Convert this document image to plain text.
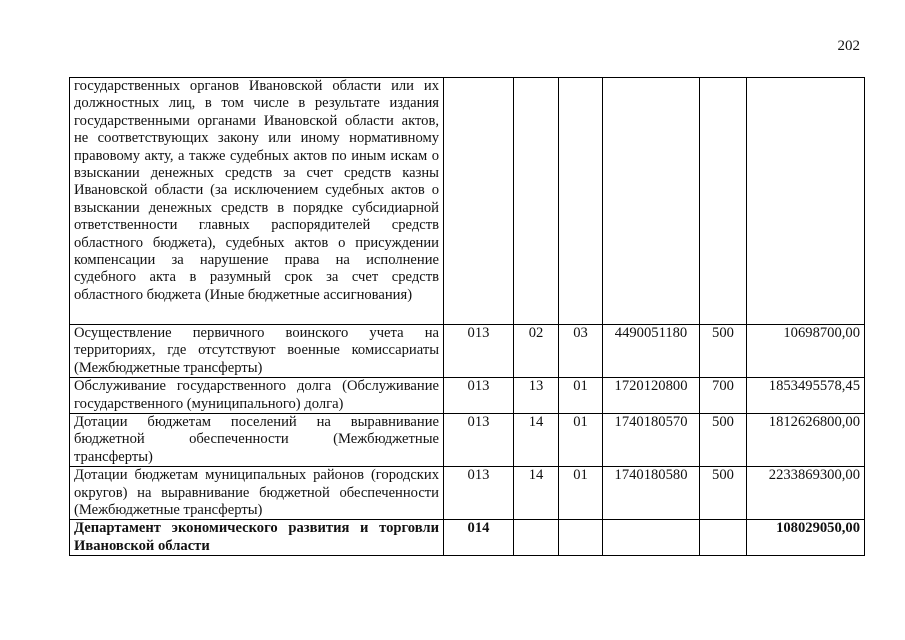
202
государственных органов Ивановской области или их должностных лиц, в том числе в результате издания государственными органами Ивановской области актов, не соответствующих закону или иному нормативному правовому акту, а также судебных актов по иным искам о взыскании денежных средств за счет средств казны Ивановской области (за исключением судебных актов о взыскании денежных средств в порядке субсидиарной ответственности главных распорядителей средств областного бюджета), судебных актов о присуждении компенсации за нарушение права на исполнение судебного акта в разумный срок за счет средств областного бюджета (Иные бюджетные ассигнования)						
Осуществление первичного воинского учета на территориях, где отсутствуют военные комиссариаты (Межбюджетные трансферты)	013	02	03	4490051180	500	10698700,00
Обслуживание государственного долга (Обслуживание государственного (муниципального) долга)	013	13	01	1720120800	700	1853495578,45
Дотации бюджетам поселений на выравнивание бюджетной обеспеченности (Межбюджетные трансферты)	013	14	01	1740180570	500	1812626800,00
Дотации бюджетам муниципальных районов (городских округов) на выравнивание бюджетной обеспеченности (Межбюджетные трансферты)	013	14	01	1740180580	500	2233869300,00
Департамент экономического развития и торговли Ивановской области	014					108029050,00
